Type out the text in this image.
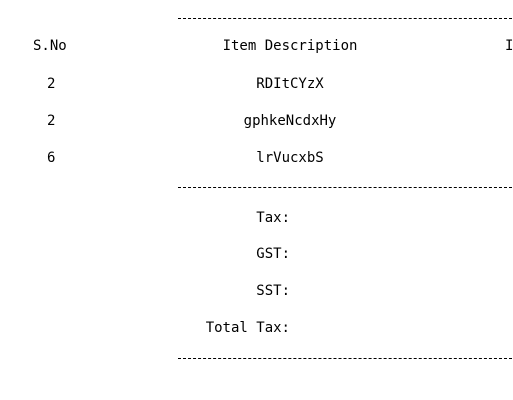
S.No	Item Description	I
2	RDItCYzX
2	gphkeNcdxHy
6	lrVucxbS
Tax:
GST:
SST:
Total Tax:
